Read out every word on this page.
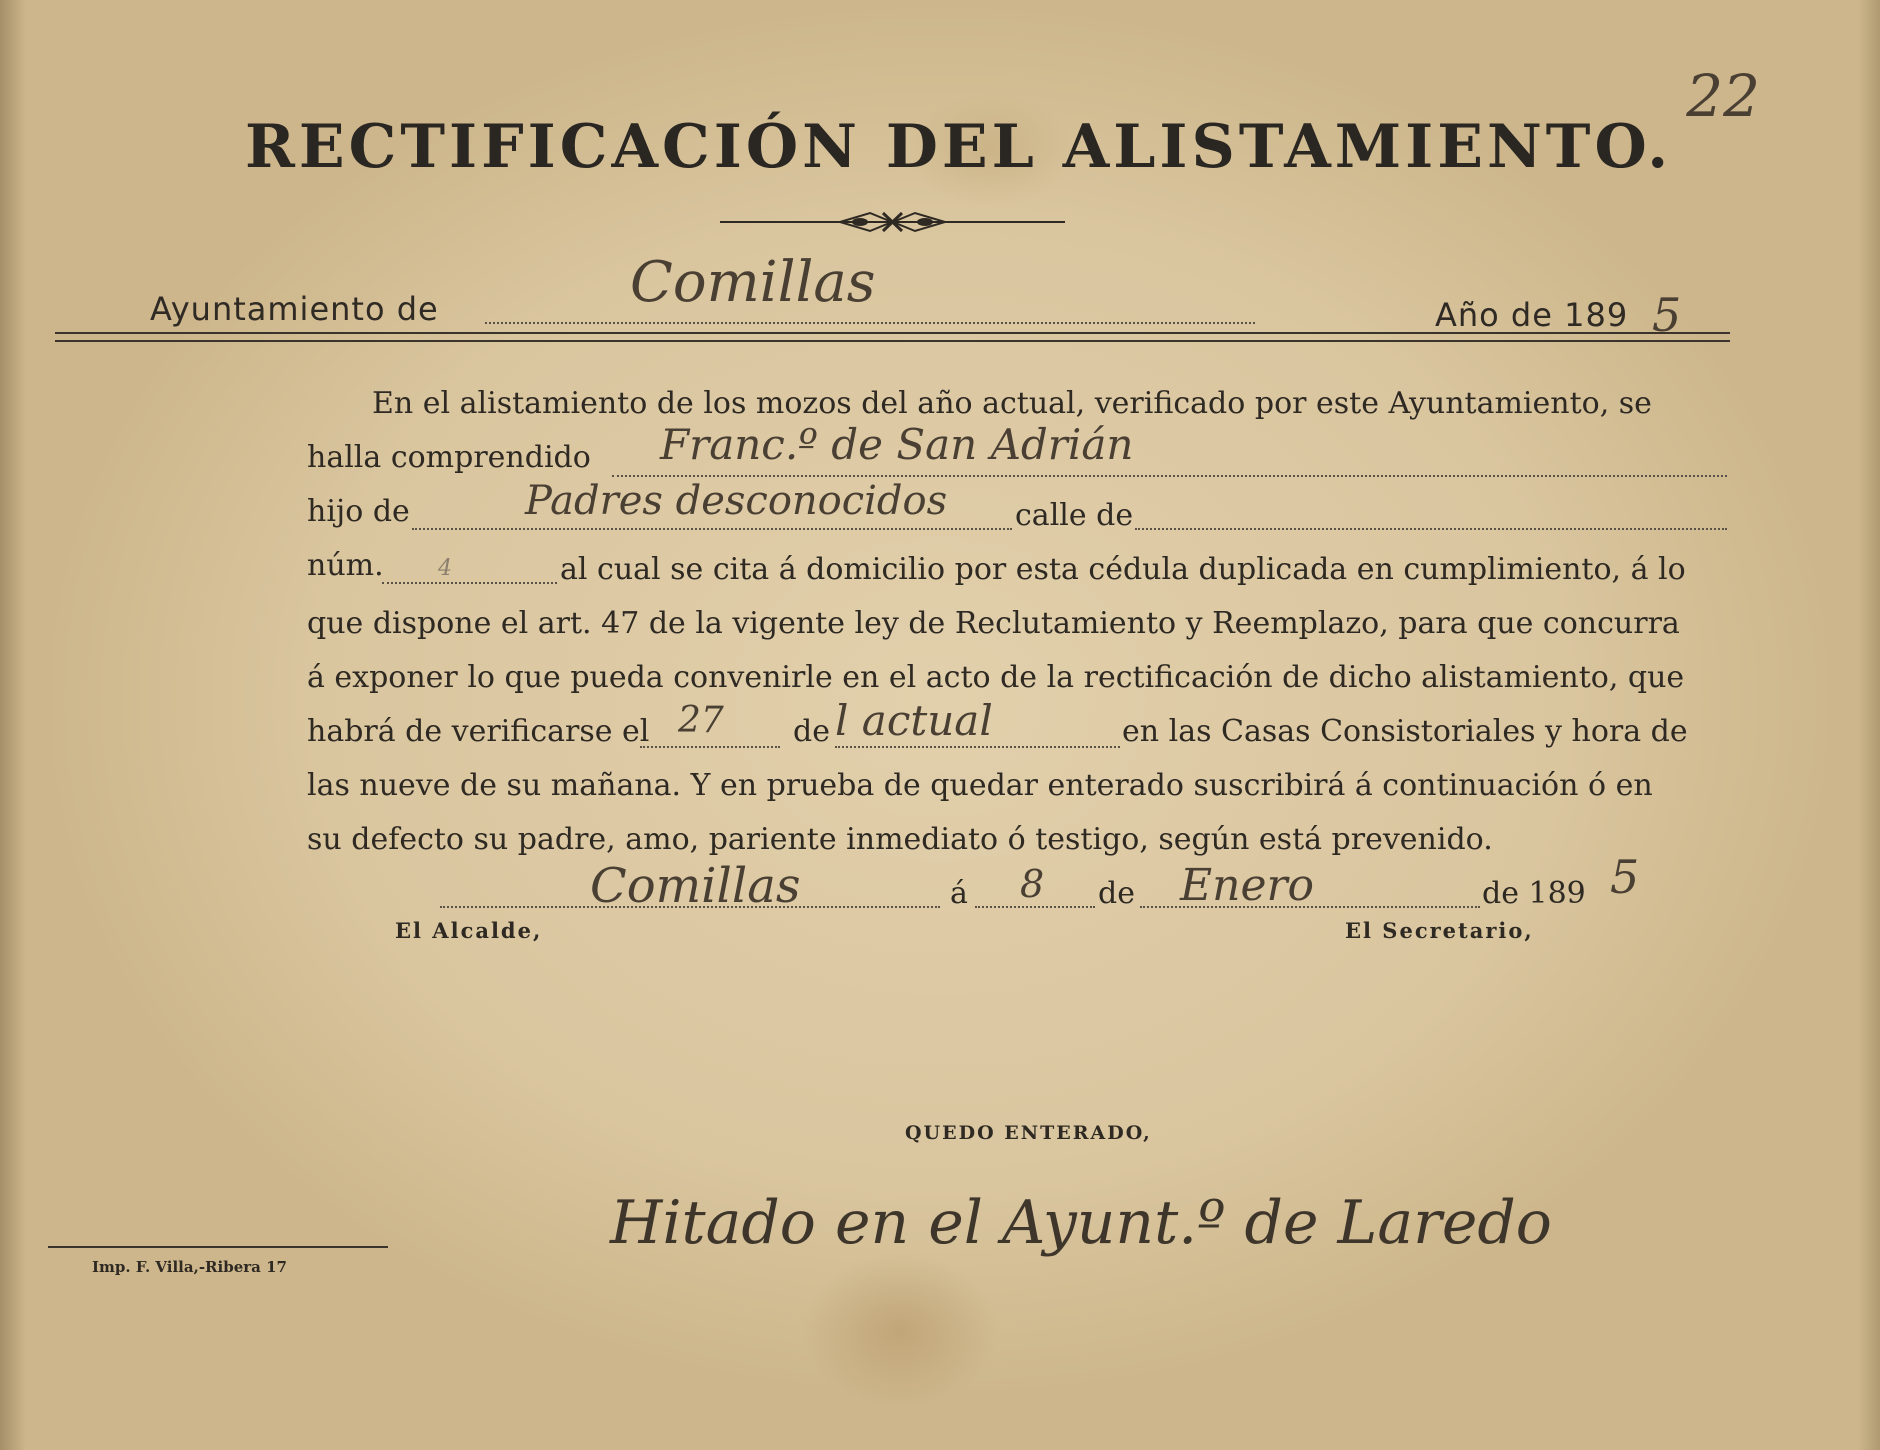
22
RECTIFICACIÓN DEL ALISTAMIENTO.
Ayuntamiento de	Comillas	Año de 189 5
En el alistamiento de los mozos del año actual, verificado por este Ayuntamiento, se
halla comprendido Franc.º de San Adrián
hijo de	Padres desconocidos calle de
núm. 4	al cual se cita á domicilio por esta cédula duplicada en cumplimiento, á lo
que dispone el art. 47 de la vigente ley de Reclutamiento y Reemplazo, para que concurra
á exponer lo que pueda convenirle en el acto de la rectificación de dicho alistamiento, que
habrá de verificarse el 27 de l actual	en las Casas Consistoriales y hora de
las nueve de su mañana. Y en prueba de quedar enterado suscribirá á continuación ó en
su defecto su padre, amo, pariente inmediato ó testigo, según está prevenido.
Comillas	á 8 de Enero	de 189 5
El Alcalde,	El Secretario,
QUEDO ENTERADO,
Imp. F. Villa,-Ribera 17
Hitado en el Ayunt.º de Laredo
